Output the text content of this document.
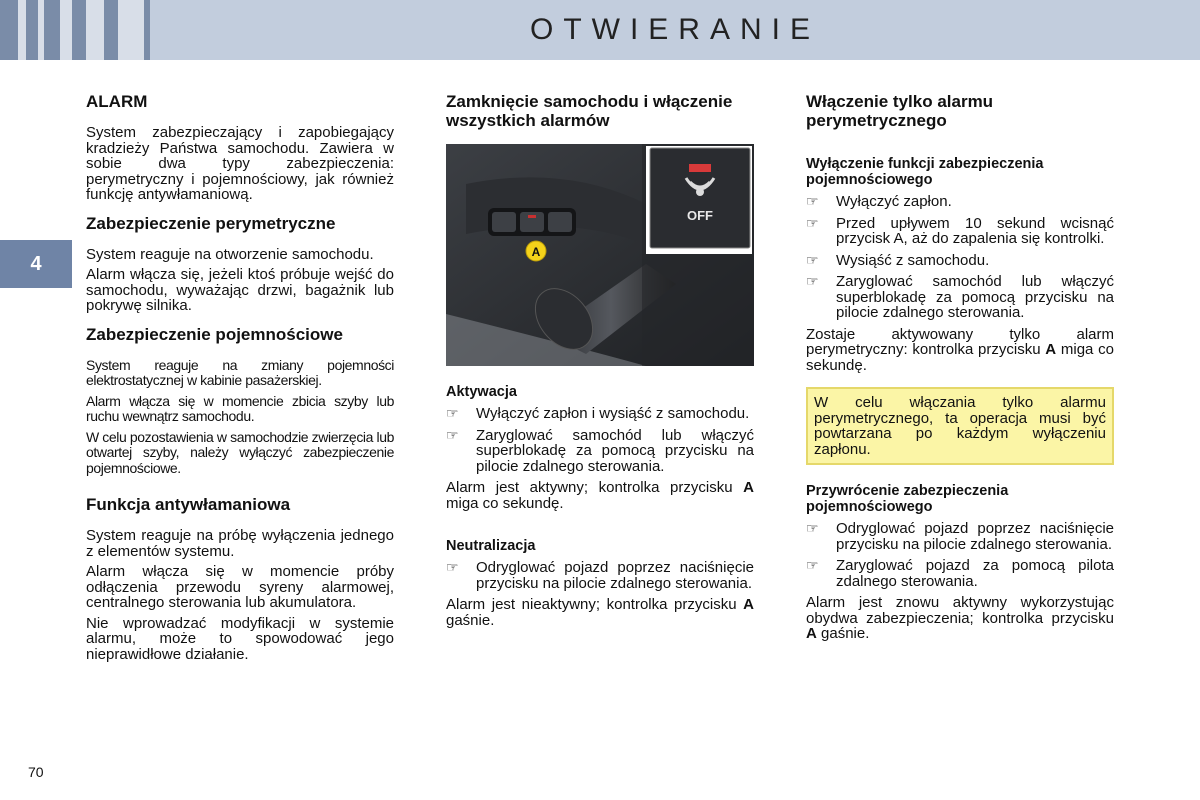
OTWIERANIE
4
70
ALARM

System zabezpieczający i zapobiegający kradzieży Państwa samochodu. Zawiera w sobie dwa typy zabezpieczenia: perymetryczny i pojemnościowy, jak również funkcję antywłamaniową.

Zabezpieczenie perymetryczne

System reaguje na otworzenie samochodu.

Alarm włącza się, jeżeli ktoś próbuje wejść do samochodu, wyważając drzwi, bagażnik lub pokrywę silnika.

Zabezpieczenie pojemnościowe

System reaguje na zmiany pojemności elektrostatycznej w kabinie pasażerskiej.

Alarm włącza się w momencie zbicia szyby lub ruchu wewnątrz samochodu.

W celu pozostawienia w samochodzie zwierzęcia lub otwartej szyby, należy wyłączyć zabezpieczenie pojemnościowe.

Funkcja antywłamaniowa

System reaguje na próbę wyłączenia jednego z elementów systemu.

Alarm włącza się w momencie próby odłączenia przewodu syreny alarmowej, centralnego sterowania lub akumulatora.

Nie wprowadzać modyfikacji w systemie alarmu, może to spowodować jego nieprawidłowe działanie.

Zamknięcie samochodu i włączenie wszystkich alarmów
A
OFF
Aktywacja
☞ Wyłączyć zapłon i wysiąść z samochodu.
☞ Zaryglować samochód lub włączyć superblokadę za pomocą przycisku na pilocie zdalnego sterowania.

Alarm jest aktywny; kontrolka przycisku A miga co sekundę.

Neutralizacja
☞ Odryglować pojazd poprzez naciśnięcie przycisku na pilocie zdalnego sterowania.

Alarm jest nieaktywny; kontrolka przycisku A gaśnie.

Włączenie tylko alarmu perymetrycznego
Wyłączenie funkcji zabezpieczenia pojemnościowego
☞ Wyłączyć zapłon.
☞ Przed upływem 10 sekund wcisnąć przycisk A, aż do zapalenia się kontrolki.
☞ Wysiąść z samochodu.
☞ Zaryglować samochód lub włączyć superblokadę za pomocą przycisku na pilocie zdalnego sterowania.

Zostaje aktywowany tylko alarm perymetryczny: kontrolka przycisku A miga co sekundę.

W celu włączania tylko alarmu perymetrycznego, ta operacja musi być powtarzana po każdym wyłączeniu zapłonu.

Przywrócenie zabezpieczenia pojemnościowego
☞ Odryglować pojazd poprzez naciśnięcie przycisku na pilocie zdalnego sterowania.
☞ Zaryglować pojazd za pomocą pilota zdalnego sterowania.

Alarm jest znowu aktywny wykorzystując obydwa zabezpieczenia; kontrolka przycisku A gaśnie.
